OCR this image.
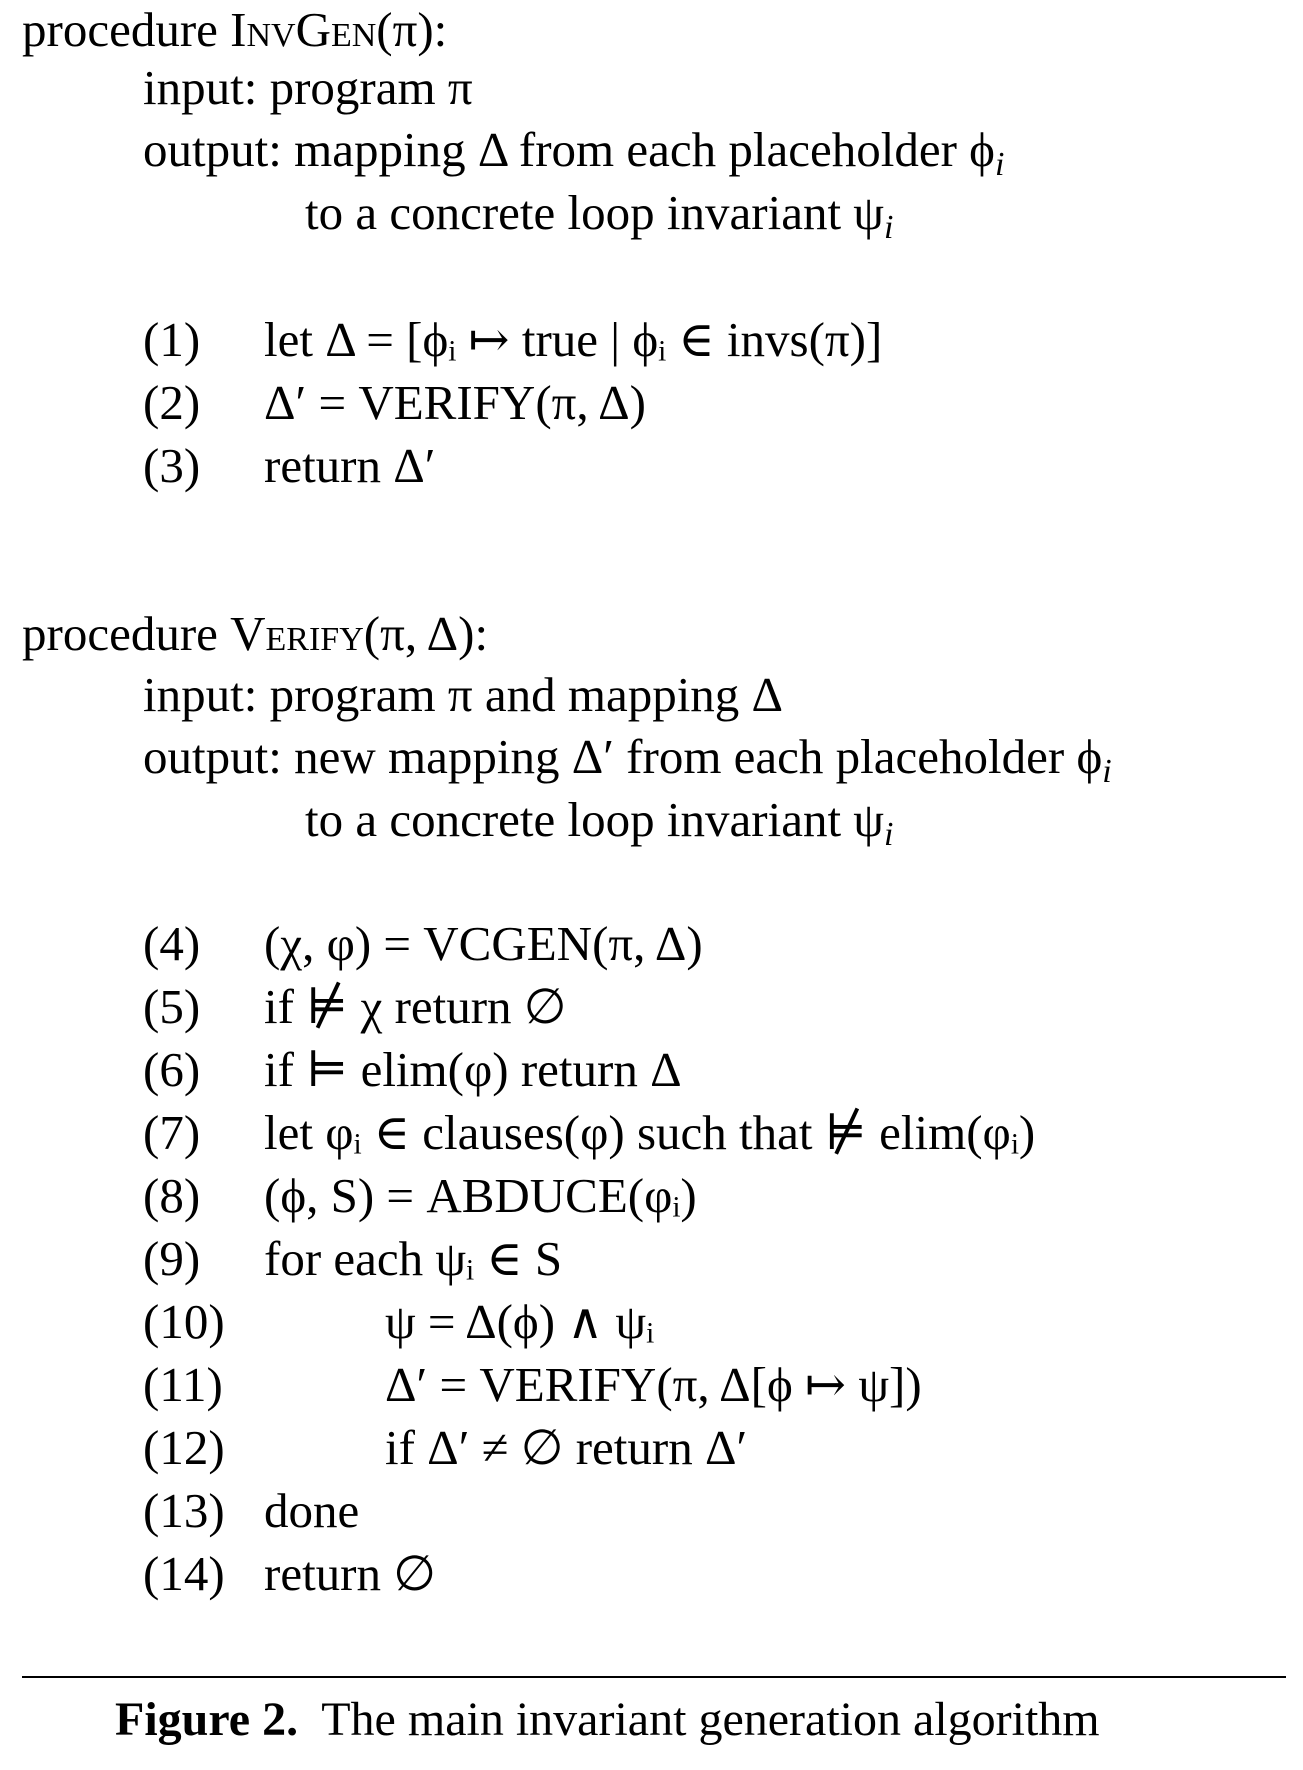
procedure InvGen(π):
input: program π
output: mapping Δ from each placeholder $\phi_i$
to a concrete loop invariant $\psi_i$
(1) let Δ = [ϕᵢ ↦ true | ϕᵢ ∈ invs(π)]
(2) Δ′ = VERIFY(π, Δ)
(3) return Δ′
procedure Verify(π, Δ):
input: program π and mapping Δ
output: new mapping Δ′ from each placeholder $\phi_i$
to a concrete loop invariant $\psi_i$
(4) (χ, φ) = VCGEN(π, Δ)
(5) if ⊭ χ return ∅
(6) if ⊨ elim(φ) return Δ
(7) let φᵢ ∈ clauses(φ) such that ⊭ elim(φᵢ)
(8) (ϕ, S) = ABDUCE(φᵢ)
(9) for each ψᵢ ∈ S
(10)	ψ = Δ(ϕ) ∧ ψᵢ
(11)	Δ′ = VERIFY(π, Δ[ϕ ↦ ψ])
(12)	if Δ′ ≠ ∅ return Δ′
(13) done
(14) return ∅
Figure 2. The main invariant generation algorithm
